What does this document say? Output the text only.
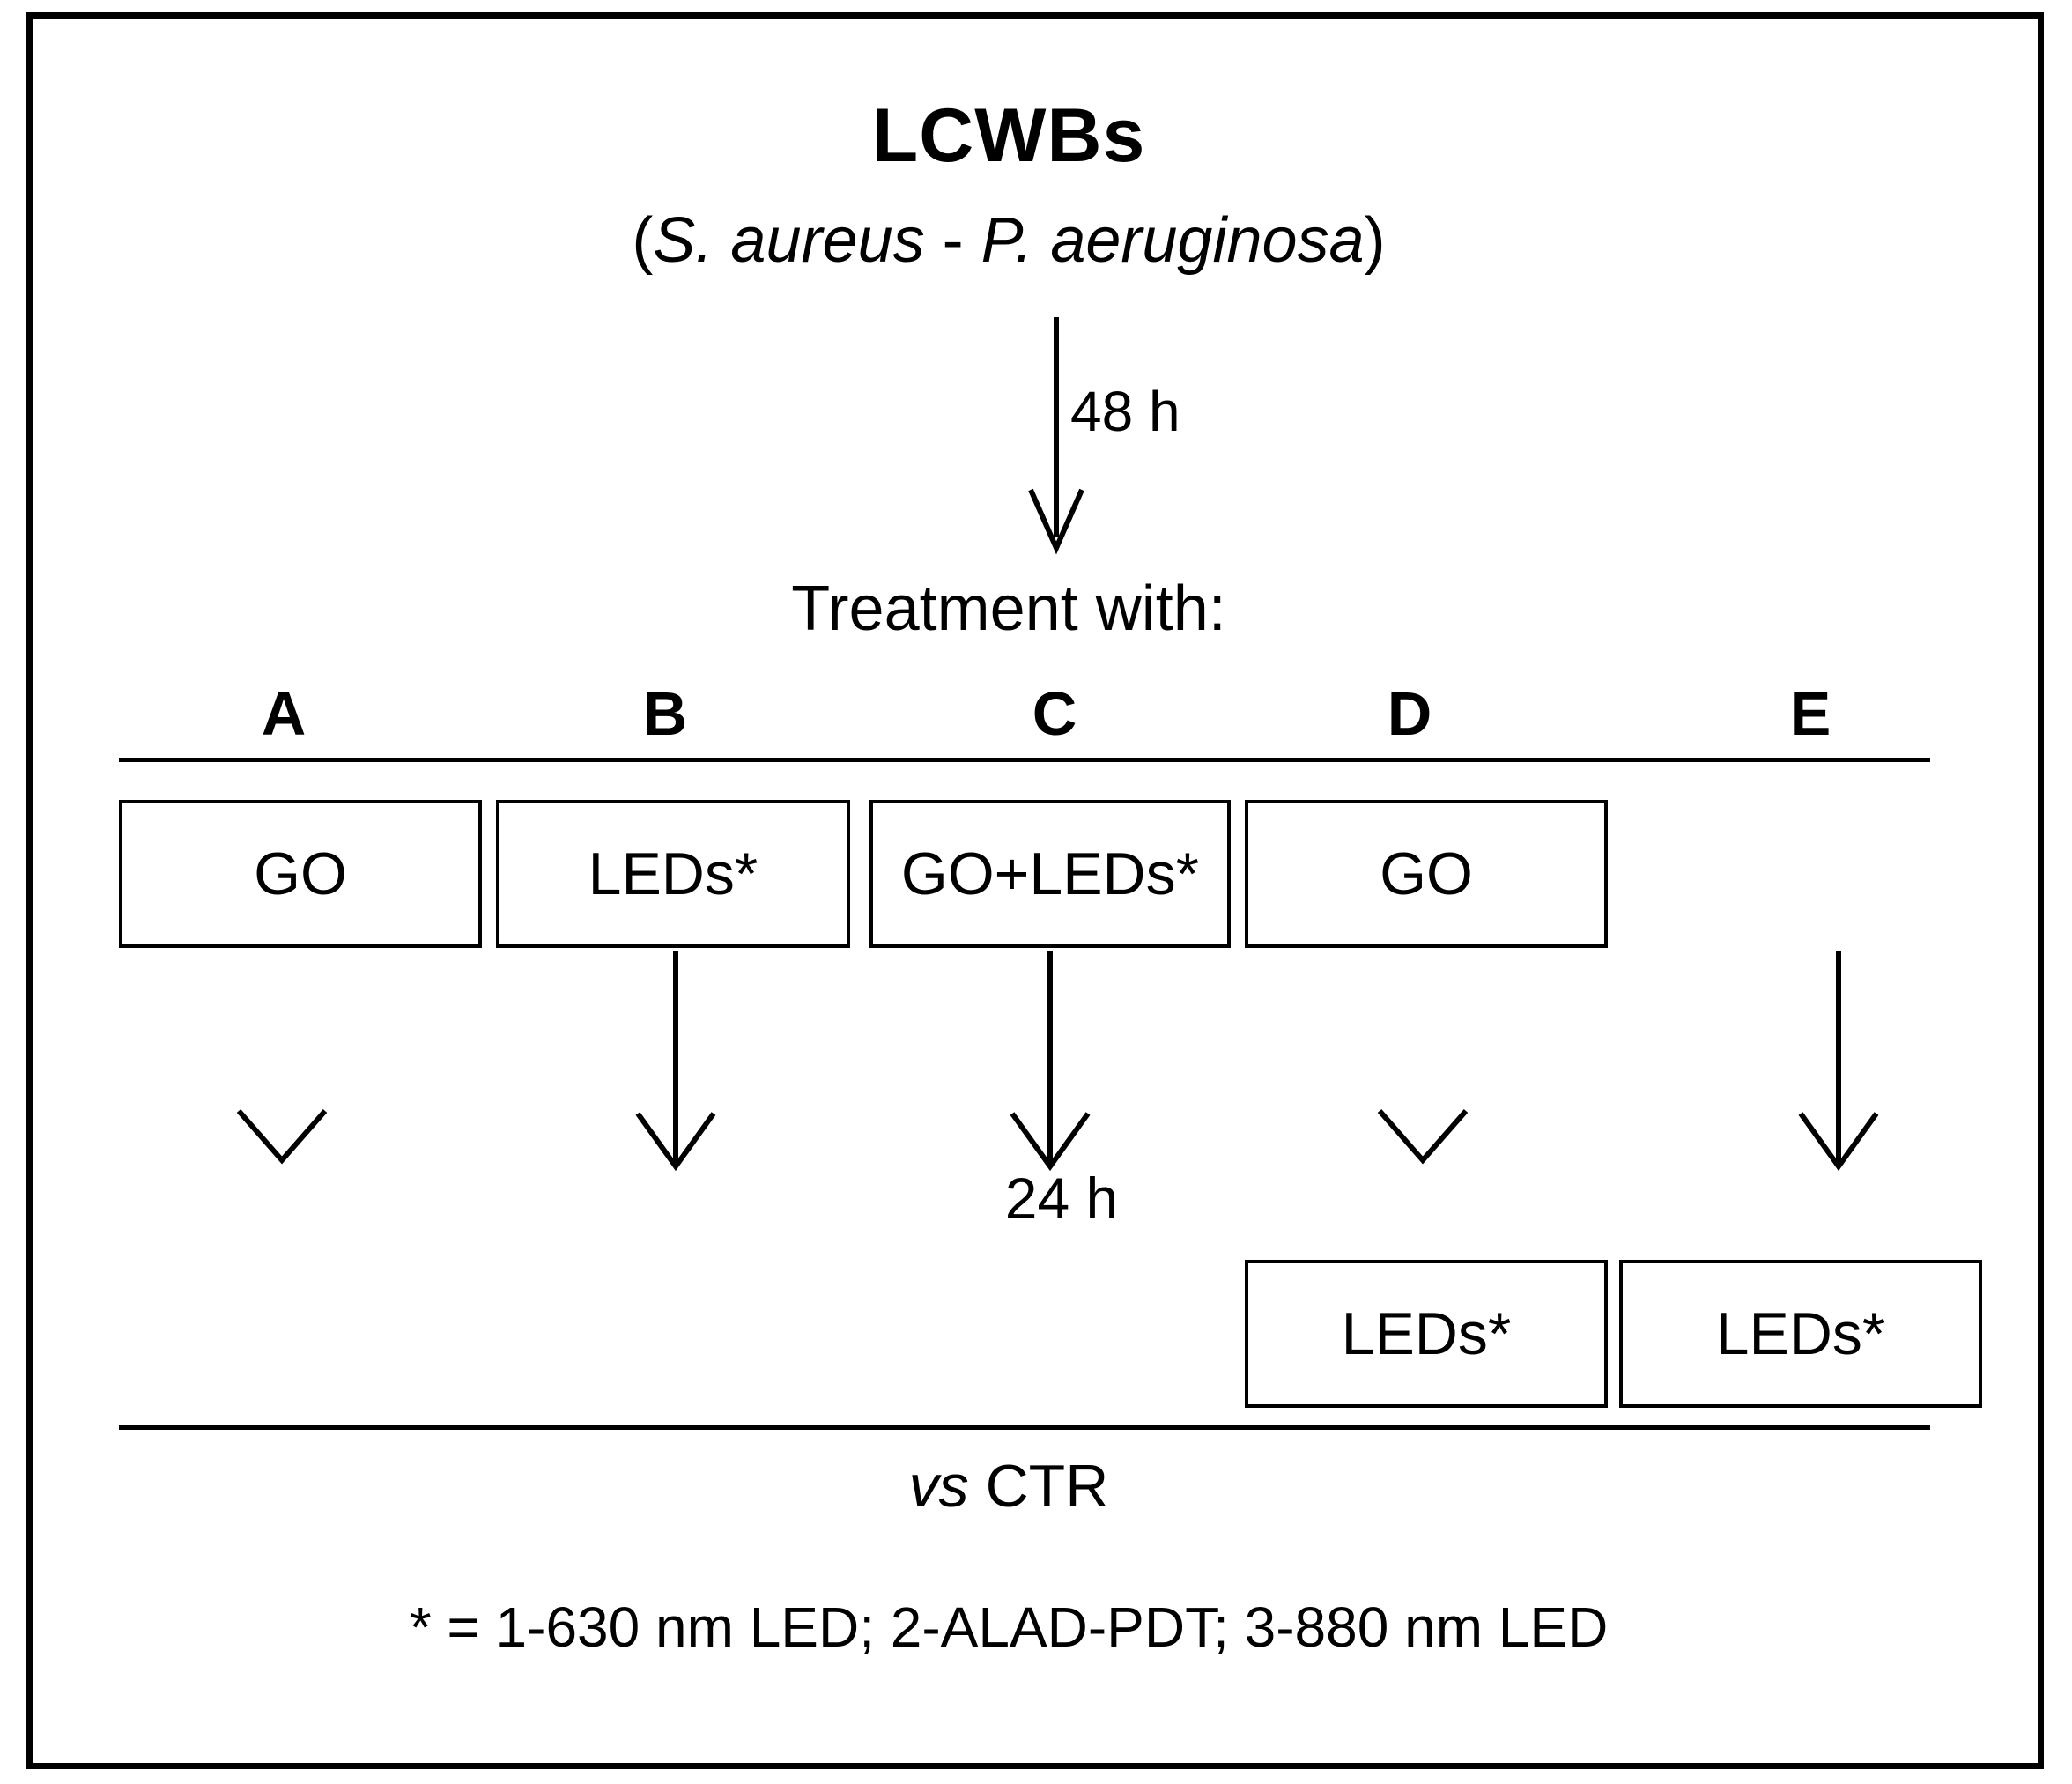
LCWBs
(S. aureus - P. aeruginosa)
48 h
Treatment with:
A	B	C	D	E
GO	LEDs*	GO+LEDs*	GO
24 h
LEDs*	LEDs*
vs CTR
* = 1-630 nm LED; 2-ALAD-PDT; 3-880 nm LED
